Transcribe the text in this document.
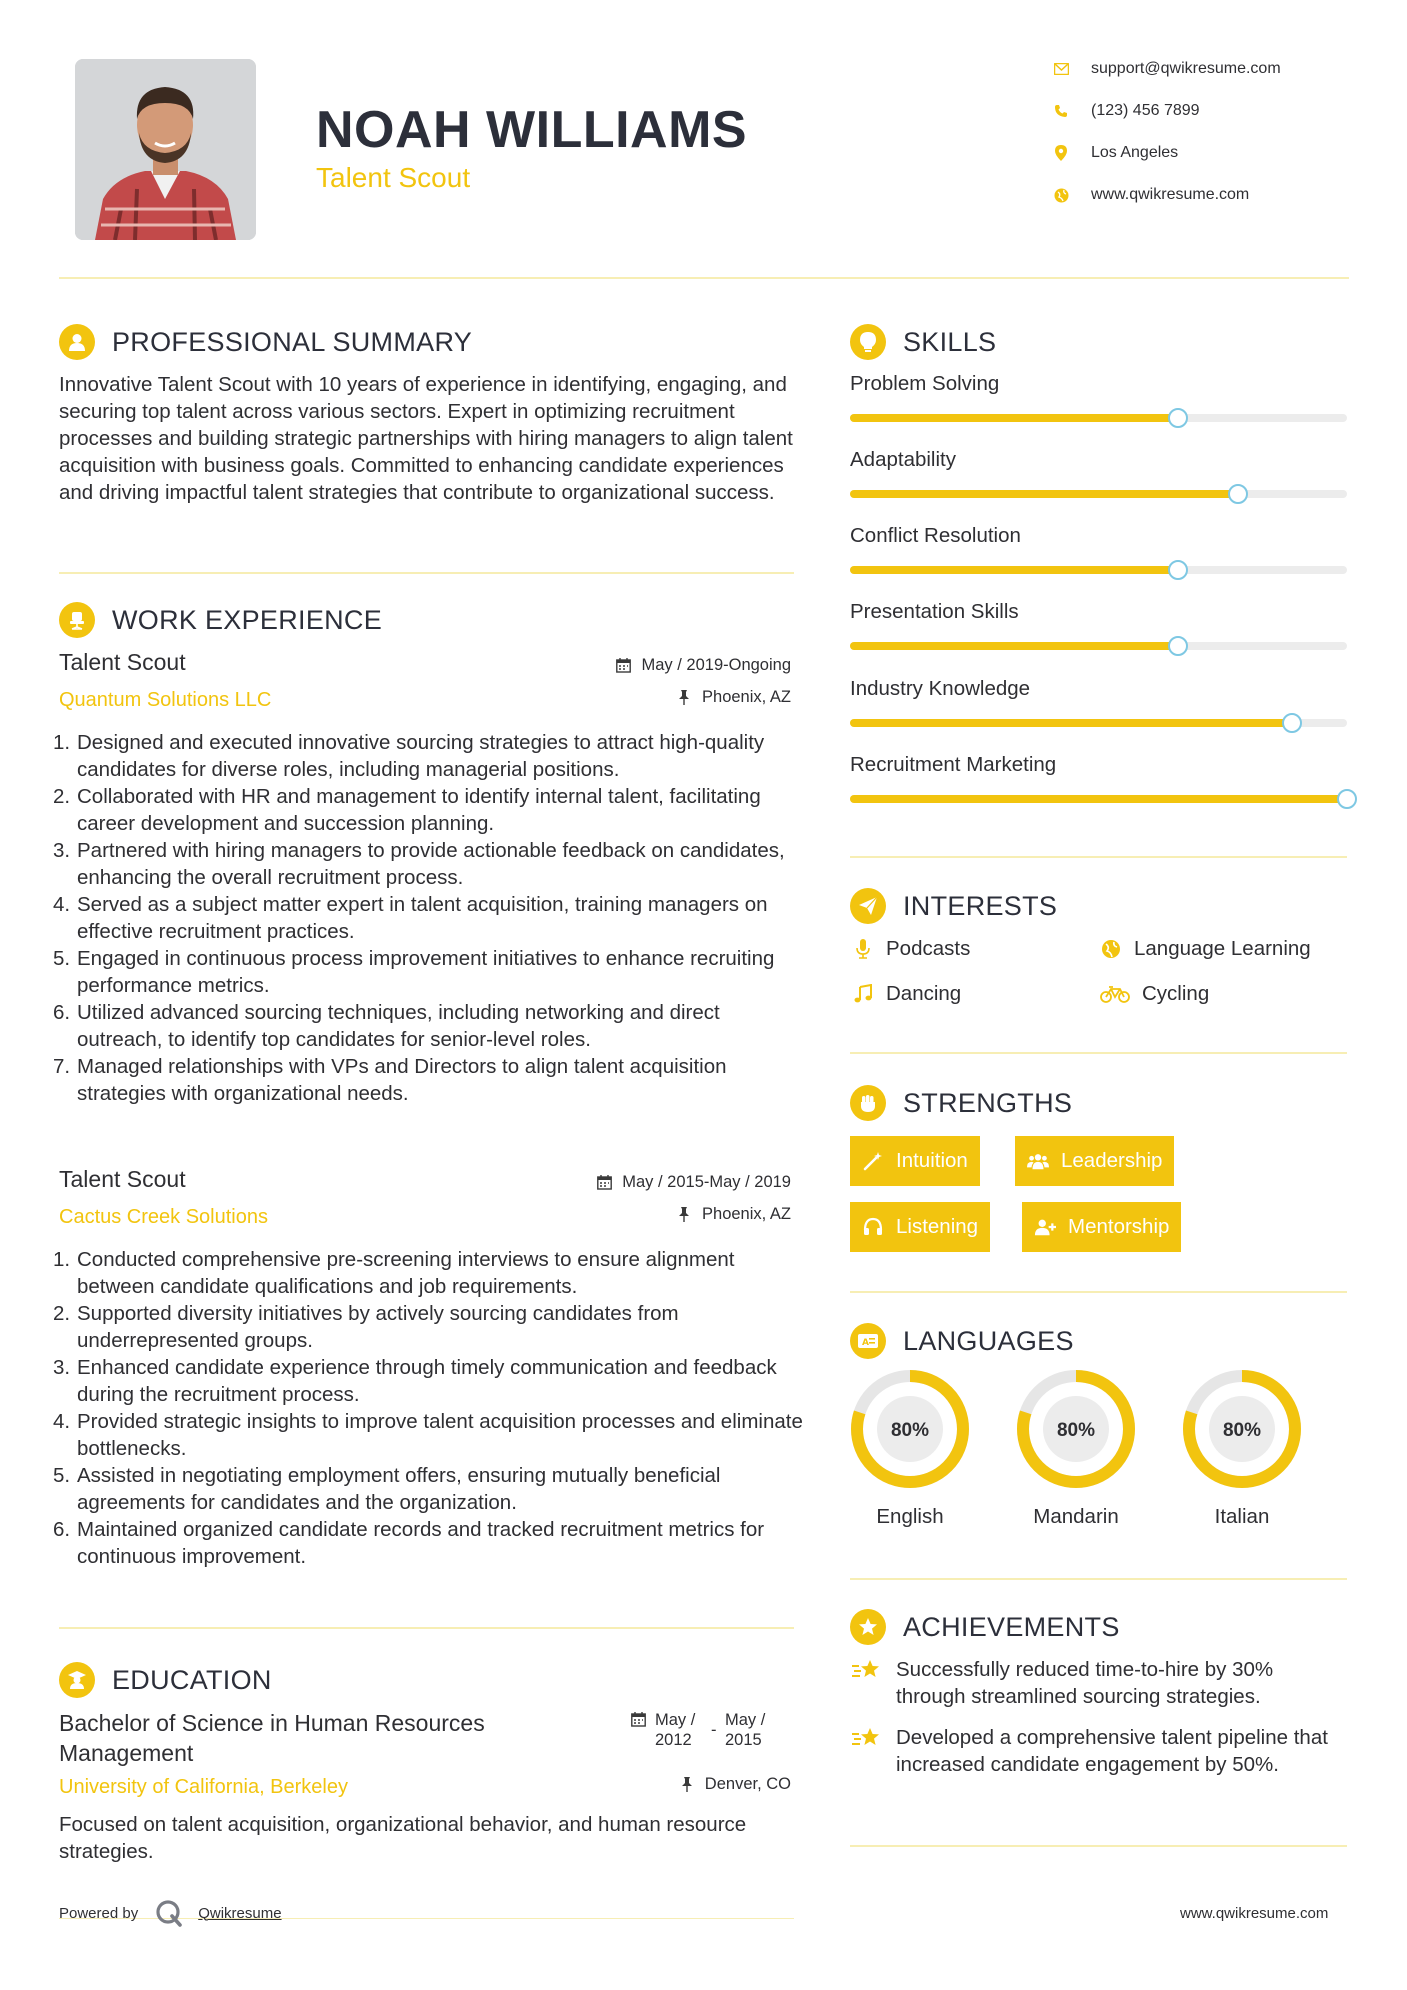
NOAH WILLIAMS
Talent Scout
support@qwikresume.com
(123) 456 7899
Los Angeles
www.qwikresume.com
PROFESSIONAL SUMMARY
Innovative Talent Scout with 10 years of experience in identifying, engaging, and securing top talent across various sectors. Expert in optimizing recruitment processes and building strategic partnerships with hiring managers to align talent acquisition with business goals. Committed to enhancing candidate experiences and driving impactful talent strategies that contribute to organizational success.
WORK EXPERIENCE
Talent Scout
Quantum Solutions LLC
May / 2019-Ongoing
Phoenix, AZ
1. Designed and executed innovative sourcing strategies to attract high-quality candidates for diverse roles, including managerial positions.
2. Collaborated with HR and management to identify internal talent, facilitating career development and succession planning.
3. Partnered with hiring managers to provide actionable feedback on candidates, enhancing the overall recruitment process.
4. Served as a subject matter expert in talent acquisition, training managers on effective recruitment practices.
5. Engaged in continuous process improvement initiatives to enhance recruiting performance metrics.
6. Utilized advanced sourcing techniques, including networking and direct outreach, to identify top candidates for senior-level roles.
7. Managed relationships with VPs and Directors to align talent acquisition strategies with organizational needs.
Talent Scout
Cactus Creek Solutions
May / 2015-May / 2019
Phoenix, AZ
1. Conducted comprehensive pre-screening interviews to ensure alignment between candidate qualifications and job requirements.
2. Supported diversity initiatives by actively sourcing candidates from underrepresented groups.
3. Enhanced candidate experience through timely communication and feedback during the recruitment process.
4. Provided strategic insights to improve talent acquisition processes and eliminate bottlenecks.
5. Assisted in negotiating employment offers, ensuring mutually beneficial agreements for candidates and the organization.
6. Maintained organized candidate records and tracked recruitment metrics for continuous improvement.
EDUCATION
Bachelor of Science in Human Resources Management
May / 2012
-
May / 2015
University of California, Berkeley	Denver, CO
Focused on talent acquisition, organizational behavior, and human resource strategies.
SKILLS
Problem Solving
Adaptability
Conflict Resolution
Presentation Skills
Industry Knowledge
Recruitment Marketing
INTERESTS
Podcasts	Language Learning
Dancing	Cycling
STRENGTHS
Intuition	Leadership
Listening	Mentorship
A LANGUAGES
80%	80%	80%
English	Mandarin	Italian
ACHIEVEMENTS
Successfully reduced time-to-hire by 30% through streamlined sourcing strategies.
Developed a comprehensive talent pipeline that increased candidate engagement by 50%.
Powered by	Qwikresume	www.qwikresume.com
